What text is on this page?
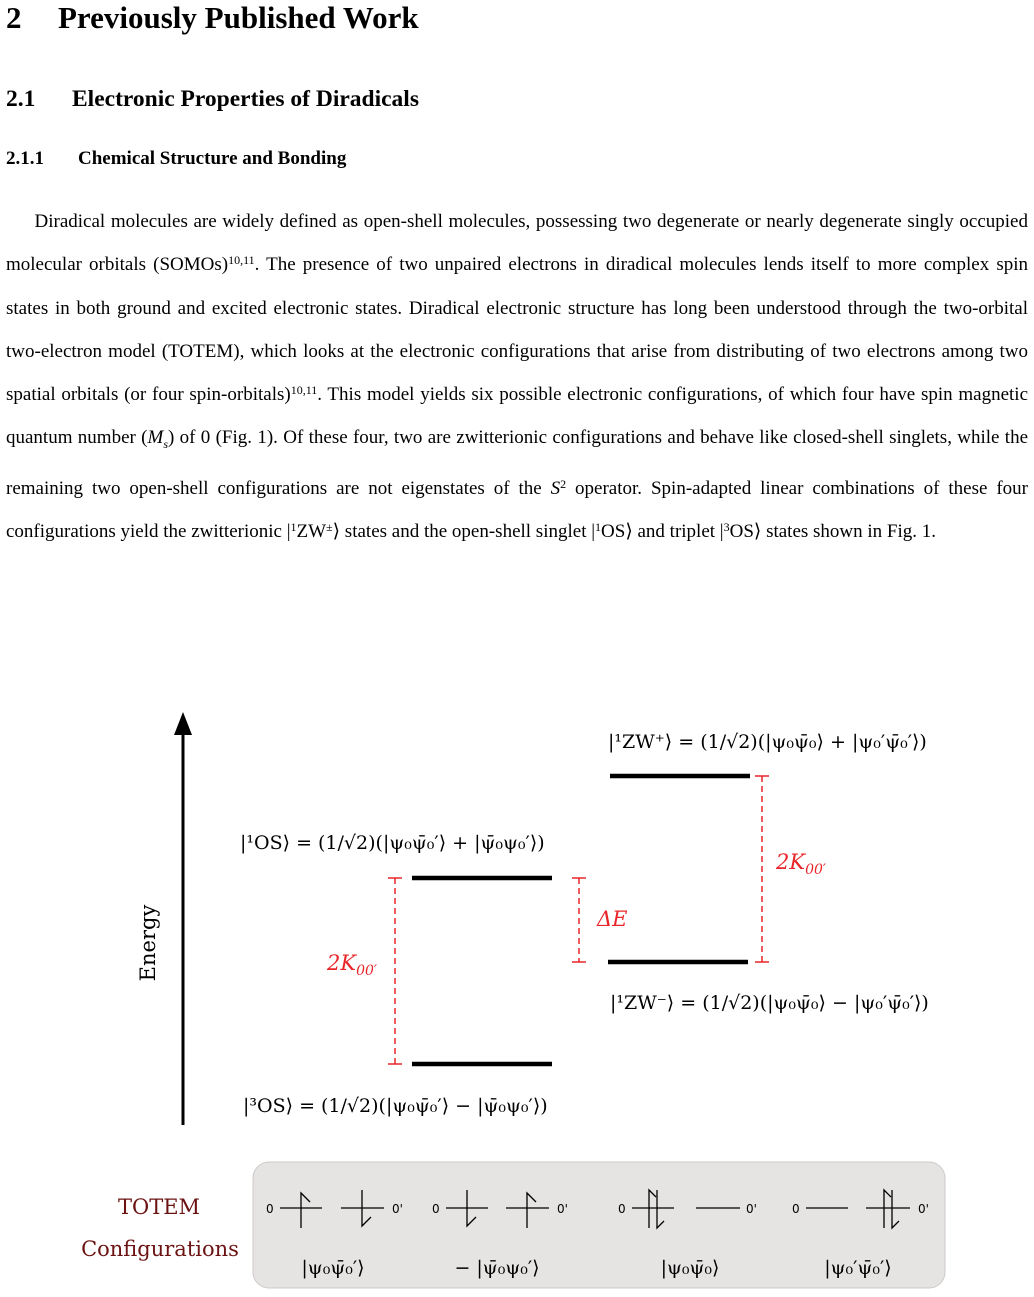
2 Previously Published Work
2.1 Electronic Properties of Diradicals
2.1.1 Chemical Structure and Bonding

  Diradical molecules are widely defined as open-shell molecules, possessing two degenerate or nearly degenerate singly occupied molecular orbitals (SOMOs)$^{10,11}$. The presence of two unpaired electrons in diradical molecules lends itself to more complex spin states in both ground and excited electronic states. Diradical electronic structure has long been understood through the two-orbital two-electron model (TOTEM), which looks at the electronic configurations that arise from distributing of two electrons among two spatial orbitals (or four spin-orbitals)$^{10,11}$. This model yields six possible electronic configurations, of which four have spin magnetic quantum number $(M_s)$ of 0 (Fig. 1). Of these four, two are zwitterionic configurations and behave like closed-shell singlets, while the remaining two open-shell configurations are not eigenstates of the $S^2$ operator. Spin-adapted linear combinations of these four configurations yield the zwitterionic $|^1ZW^\pm⟩$ states and the open-shell singlet $|^1OS⟩$ and triplet $|^3OS⟩$ states shown in Fig. 1.

Energy
|¹ZW⁺⟩ = (1/√2)(|ψ₀ψ̄₀⟩ + |ψ₀′ψ̄₀′⟩)
|¹OS⟩ = (1/√2)(|ψ₀ψ̄₀′⟩ + |ψ̄₀ψ₀′⟩)
|¹ZW⁻⟩ = (1/√2)(|ψ₀ψ̄₀⟩ − |ψ₀′ψ̄₀′⟩)
|³OS⟩ = (1/√2)(|ψ₀ψ̄₀′⟩ − |ψ̄₀ψ₀′⟩)
$2K_{00'}$
ΔE
$2K_{00'}$
TOTEM
Configurations
0	0'
|ψ₀ψ̄₀′⟩
0	0'
− |ψ̄₀ψ₀′⟩
0	0'
|ψ₀ψ̄₀⟩
0	0'
|ψ₀′ψ̄₀′⟩
